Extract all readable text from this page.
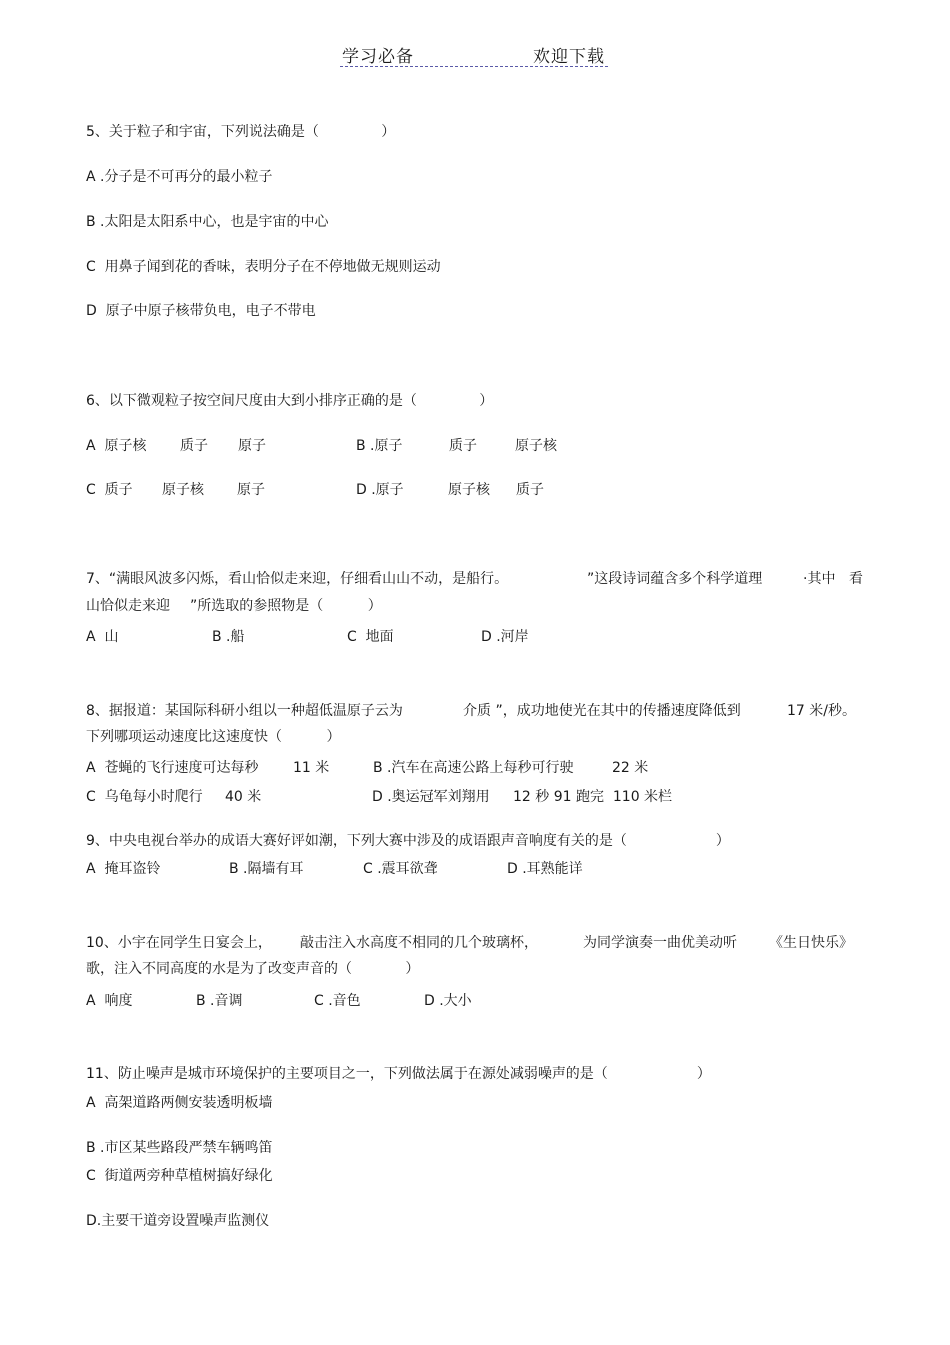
学习必备	欢迎下载
5、关于粒子和宇宙，下列说法确是（              ）
A .分子是不可再分的最小粒子
B .太阳是太阳系中心，也是宇宙的中心
C  用鼻子闻到花的香味，表明分子在不停地做无规则运动
D  原子中原子核带负电，电子不带电
6、以下微观粒子按空间尺度由大到小排序正确的是（              ）
A  原子核 质子 原子	B .原子	质子	原子核
C  质子 原子核 原子	D .原子	原子核 质子
7、“满眼风波多闪烁，看山恰似走来迎，仔细看山山不动，是船行。	”这段诗词蕴含多个科学道理	·其中 看
山恰似走来迎 ”所选取的参照物是（          ）
A  山	B .船	C  地面	D .河岸
8、据报道：某国际科研小组以一种超低温原子云为	介质 ”，成功地使光在其中的传播速度降低到	17 米/秒。
下列哪项运动速度比这速度快（          ）
A  苍蝇的飞行速度可达每秒 11 米	B .汽车在高速公路上每秒可行驶	22 米
C  乌龟每小时爬行 40 米	D .奥运冠军刘翔用 12 秒 91 跑完  110 米栏
9、中央电视台举办的成语大赛好评如潮，下列大赛中涉及的成语跟声音响度有关的是（                    ）
A  掩耳盗铃	B .隔墙有耳	C .震耳欲聋	D .耳熟能详
10、小宇在同学生日宴会上， 敲击注入水高度不相同的几个玻璃杯，	为同学演奏一曲优美动听 《生日快乐》
歌，注入不同高度的水是为了改变声音的（            ）
A  响度	B .音调	C .音色	D .大小
11、防止噪声是城市环境保护的主要项目之一，下列做法属于在源处减弱噪声的是（                    ）
A  高架道路两侧安装透明板墙
B .市区某些路段严禁车辆鸣笛
C  街道两旁种草植树搞好绿化
D.主要干道旁设置噪声监测仪
